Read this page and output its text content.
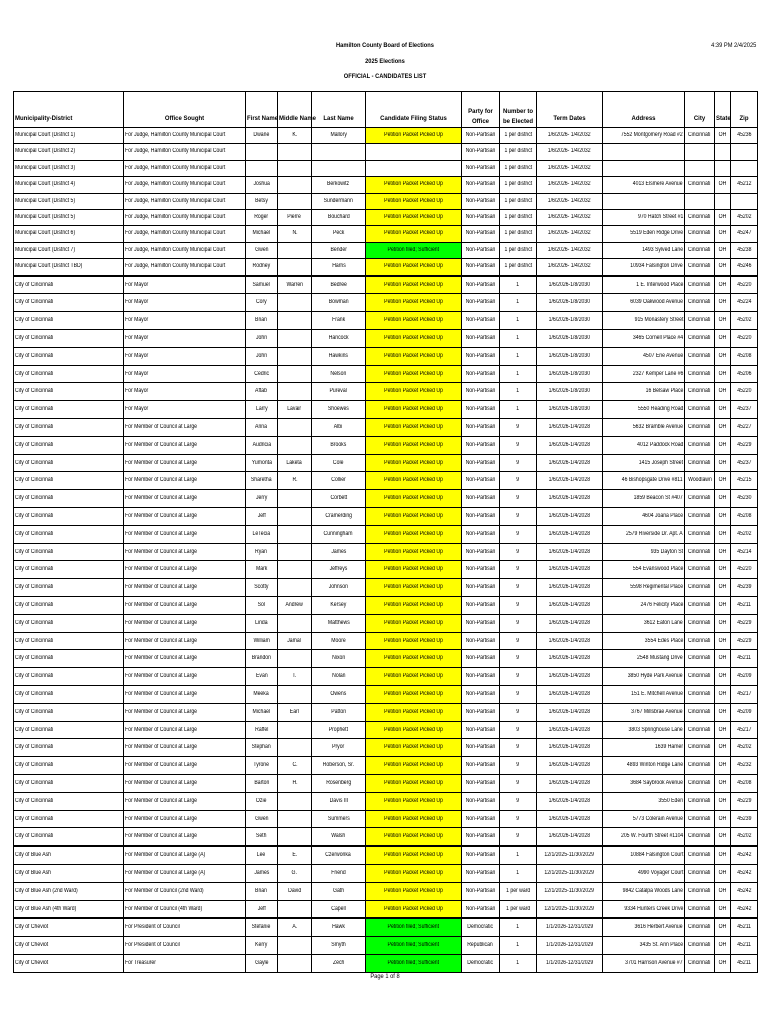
Hamilton County Board of Elections
2025 Elections
OFFICIAL - CANDIDATES LIST
4:39 PM 2/4/2025
Municipality-District	Office Sought	First Name	Middle Name	Last Name	Candidate Filing Status	Party for Office	Number to be Elected	Term Dates	Address	City	State	Zip
Municipal Court (District 1)	For Judge, Hamilton County Municipal Court	Dwane	K.	Mallory	Petition Packet Picked Up	Non-Partisan	1 per district	1/6/2026- 1/4/2032	7552 Montgomery Road #2	Cincinnati	OH	45236
Municipal Court (District 2)	For Judge, Hamilton County Municipal Court					Non-Partisan	1 per district	1/6/2026- 1/4/2032				
Municipal Court (District 3)	For Judge, Hamilton County Municipal Court					Non-Partisan	1 per district	1/6/2026- 1/4/2032				
Municipal Court (District 4)	For Judge, Hamilton County Municipal Court	Joshua		Berkowitz	Petition Packet Picked Up	Non-Partisan	1 per district	1/6/2026- 1/4/2032	4013 Elsmere Avenue	Cincinnati	OH	45212
Municipal Court (District 5)	For Judge, Hamilton County Municipal Court	Betsy		Sundermann	Petition Packet Picked Up	Non-Partisan	1 per district	1/6/2026- 1/4/2032				
Municipal Court (District 5)	For Judge, Hamilton County Municipal Court	Roger	Pierre	Bouchard	Petition Packet Picked Up	Non-Partisan	1 per district	1/6/2026- 1/4/2032	970 Hatch Street #1	Cincinnati	OH	45202
Municipal Court (District 6)	For Judge, Hamilton County Municipal Court	Michael	N.	Peck	Petition Packet Picked Up	Non-Partisan	1 per district	1/6/2026- 1/4/2032	5519 Eden Ridge Drive	Cincinnati	OH	45247
Municipal Court (District 7)	For Judge, Hamilton County Municipal Court	Gwen		Bender	Petition filed; Sufficient	Non-Partisan	1 per district	1/6/2026- 1/4/2032	1493 Sylved Lane	Cincinnati	OH	45238
Municipal Court (District TBD)	For Judge, Hamilton County Municipal Court	Rodney		Harris	Petition Packet Picked Up	Non-Partisan	1 per district	1/6/2026- 1/4/2032	10934 Falsington Drive	Cincinnati	OH	45246
City of Cincinnati	For Mayor	Samuel	Warren	Bedree	Petition Packet Picked Up	Non-Partisan	1	1/6/2026-1/8/2030	1 E. Interwood Place	Cincinnati	OH	45220
City of Cincinnati	For Mayor	Cory		Bowman	Petition Packet Picked Up	Non-Partisan	1	1/6/2026-1/8/2030	6039 Oakwood Avenue	Cincinnati	OH	45224
City of Cincinnati	For Mayor	Brian		Frank	Petition Packet Picked Up	Non-Partisan	1	1/6/2026-1/8/2030	915 Monastery Street	Cincinnati	OH	45202
City of Cincinnati	For Mayor	John		Hancock	Petition Packet Picked Up	Non-Partisan	1	1/6/2026-1/8/2030	3465 Cornell Place #4	Cincinnati	OH	45220
City of Cincinnati	For Mayor	John		Hawkins	Petition Packet Picked Up	Non-Partisan	1	1/6/2026-1/8/2030	4507 Erie Avenue	Cincinnati	OH	45208
City of Cincinnati	For Mayor	Cedric		Nelson	Petition Packet Picked Up	Non-Partisan	1	1/6/2026-1/8/2030	2327 Kemper Lane #6	Cincinnati	OH	45206
City of Cincinnati	For Mayor	Aftab		Pureval	Petition Packet Picked Up	Non-Partisan	1	1/6/2026-1/8/2030	16 Belsaw Place	Cincinnati	OH	45220
City of Cincinnati	For Mayor	Larry	Lavair	Shoewes	Petition Packet Picked Up	Non-Partisan	1	1/6/2026-1/8/2030	5550 Reading Road	Cincinnati	OH	45237
City of Cincinnati	For Member of Council at Large	Anna		Albi	Petition Packet Picked Up	Non-Partisan	9	1/6/2026-1/4/2028	5632 Bramble Avenue	Cincinnati	OH	45227
City of Cincinnati	For Member of Council at Large	Audricia		Brooks	Petition Packet Picked Up	Non-Partisan	9	1/6/2026-1/4/2028	4012 Paddock Road	Cincinnati	OH	45229
City of Cincinnati	For Member of Council at Large	Yumonta	Laketa	Cole	Petition Packet Picked Up	Non-Partisan	9	1/6/2026-1/4/2028	1415 Joseph Street	Cincinnati	OH	45237
City of Cincinnati	For Member of Council at Large	Sharetha	R.	Collier	Petition Packet Picked Up	Non-Partisan	9	1/6/2026-1/4/2028	46 Bishopsgate Drive #811	Woodlawn	OH	45215
City of Cincinnati	For Member of Council at Large	Jerry		Corbett	Petition Packet Picked Up	Non-Partisan	9	1/6/2026-1/4/2028	1859 Beacon St #407	Cincinnati	OH	45230
City of Cincinnati	For Member of Council at Large	Jeff		Cramerding	Petition Packet Picked Up	Non-Partisan	9	1/6/2026-1/4/2028	4604 Joana Place	Cincinnati	OH	45208
City of Cincinnati	For Member of Council at Large	LeTecia		Cunningham	Petition Packet Picked Up	Non-Partisan	9	1/6/2026-1/4/2028	2579 Riverside Dr. Apt. A	Cincinnati	OH	45202
City of Cincinnati	For Member of Council at Large	Ryan		James	Petition Packet Picked Up	Non-Partisan	9	1/6/2026-1/4/2028	935 Dayton St	Cincinnati	OH	45214
City of Cincinnati	For Member of Council at Large	Mark		Jeffreys	Petition Packet Picked Up	Non-Partisan	9	1/6/2026-1/4/2028	554 Evanswood Place	Cincinnati	OH	45220
City of Cincinnati	For Member of Council at Large	Scotty		Johnson	Petition Packet Picked Up	Non-Partisan	9	1/6/2026-1/4/2028	5598 Regimental Place	Cincinnati	OH	45239
City of Cincinnati	For Member of Council at Large	Sol	Andrew	Kersey	Petition Packet Picked Up	Non-Partisan	9	1/6/2026-1/4/2028	2476 Felicity Place	Cincinnati	OH	45211
City of Cincinnati	For Member of Council at Large	Linda		Matthews	Petition Packet Picked Up	Non-Partisan	9	1/6/2026-1/4/2028	3612 Eaton Lane	Cincinnati	OH	45229
City of Cincinnati	For Member of Council at Large	William	Jamal	Moore	Petition Packet Picked Up	Non-Partisan	9	1/6/2026-1/4/2028	3554 Edes Place	Cincinnati	OH	45229
City of Cincinnati	For Member of Council at Large	Brandon		Nixon	Petition Packet Picked Up	Non-Partisan	9	1/6/2026-1/4/2028	2548 Mustang Drive	Cincinnati	OH	45211
City of Cincinnati	For Member of Council at Large	Evan	T.	Nolan	Petition Packet Picked Up	Non-Partisan	9	1/6/2026-1/4/2028	3850 Hyde Park Avenue	Cincinnati	OH	45209
City of Cincinnati	For Member of Council at Large	Meeka		Owens	Petition Packet Picked Up	Non-Partisan	9	1/6/2026-1/4/2028	151 E. Mitchell Avenue	Cincinnati	OH	45217
City of Cincinnati	For Member of Council at Large	Michael	Earl	Patton	Petition Packet Picked Up	Non-Partisan	9	1/6/2026-1/4/2028	3767 Millsbrae Avenue	Cincinnati	OH	45209
City of Cincinnati	For Member of Council at Large	Raffel		Prophett	Petition Packet Picked Up	Non-Partisan	9	1/6/2026-1/4/2028	3803 Springhouse Lane	Cincinnati	OH	45217
City of Cincinnati	For Member of Council at Large	Stephan		Pryor	Petition Packet Picked Up	Non-Partisan	9	1/6/2026-1/4/2028	1639 Hamer	Cincinnati	OH	45202
City of Cincinnati	For Member of Council at Large	Tyrone	C.	Roberson, Sr.	Petition Packet Picked Up	Non-Partisan	9	1/6/2026-1/4/2028	4893 Winton Ridge Lane	Cincinnati	OH	45232
City of Cincinnati	For Member of Council at Large	Barton	H.	Rosenberg	Petition Packet Picked Up	Non-Partisan	9	1/6/2026-1/4/2028	3684 Saybrook Avenue	Cincinnati	OH	45208
City of Cincinnati	For Member of Council at Large	Ozie		Davis III	Petition Packet Picked Up	Non-Partisan	9	1/6/2026-1/4/2028	3550 Eden	Cincinnati	OH	45229
City of Cincinnati	For Member of Council at Large	Gwen		Summers	Petition Packet Picked Up	Non-Partisan	9	1/6/2026-1/4/2028	5773 Colerain Avenue	Cincinnati	OH	45239
City of Cincinnati	For Member of Council at Large	Seth		Walsh	Petition Packet Picked Up	Non-Partisan	9	1/6/2026-1/4/2028	205 W. Fourth Street #1104	Cincinnati	OH	45202
City of Blue Ash	For Member of Council at Large (A)	Lee	E.	Czerwonka	Petition Packet Picked Up	Non-Partisan	1	12/1/2025-11/30/2029	10884 Falsington Court	Cincinnati	OH	45242
City of Blue Ash	For Member of Council at Large (A)	James	G.	Friend	Petition Packet Picked Up	Non-Partisan	1	12/1/2025-11/30/2029	4990 Voyager Court	Cincinnati	OH	45242
City of Blue Ash (2nd Ward)	For Member of Council (2nd Ward)	Brian	David	Gath	Petition Packet Picked Up	Non-Partisan	1 per ward	12/1/2025-11/30/2029	9842 Catalpa Woods Lane	Cincinnati	OH	45242
City of Blue Ash (4th Ward)	For Member of Council (4th Ward)	Jeff		Capell	Petition Packet Picked Up	Non-Partisan	1 per ward	12/1/2025-11/30/2029	9334 Hunters Creek Drive	Cincinnati	OH	45242
City of Cheviot	For President of Council	Stefanie	A.	Hawk	Petition filed; Sufficient	Democratic	1	1/1/2026-12/31/2029	3616 Herbert Avenue	Cincinnati	OH	45211
City of Cheviot	For President of Council	Kerry		Smyth	Petition filed; Sufficient	Republican	1	1/1/2026-12/31/2029	3435 St. Ann Place	Cincinnati	OH	45211
City of Cheviot	For Treasurer	Gayle		Zech	Petition filed; Sufficient	Democratic	1	1/1/2026-12/31/2029	3701 Harrison Avenue #7	Cincinnati	OH	45211
Page 1 of 8
